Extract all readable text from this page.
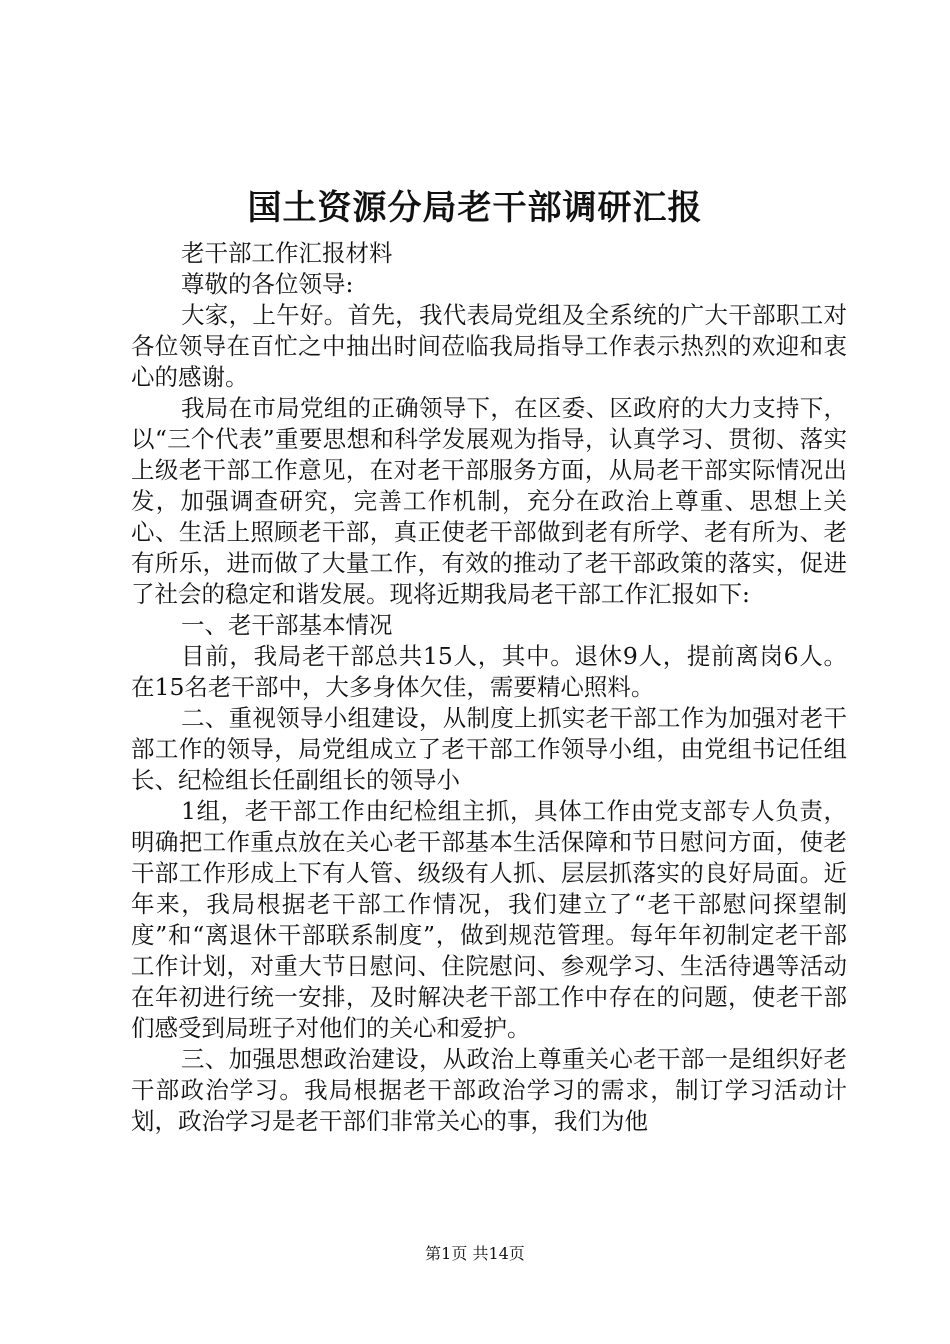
国土资源分局老干部调研汇报

老干部工作汇报材料

尊敬的各位领导:

大家，上午好。首先，我代表局党组及全系统的广大干部职工对各位领导在百忙之中抽出时间莅临我局指导工作表示热烈的欢迎和衷心的感谢。

我局在市局党组的正确领导下，在区委、区政府的大力支持下，以“三个代表”重要思想和科学发展观为指导，认真学习、贯彻、落实上级老干部工作意见，在对老干部服务方面，从局老干部实际情况出发，加强调查研究，完善工作机制，充分在政治上尊重、思想上关心、生活上照顾老干部，真正使老干部做到老有所学、老有所为、老有所乐，进而做了大量工作，有效的推动了老干部政策的落实，促进了社会的稳定和谐发展。现将近期我局老干部工作汇报如下:

一、老干部基本情况

目前，我局老干部总共15人，其中。退休9人，提前离岗6人。在15名老干部中，大多身体欠佳，需要精心照料。

二、重视领导小组建设，从制度上抓实老干部工作为加强对老干部工作的领导，局党组成立了老干部工作领导小组，由党组书记任组长、纪检组长任副组长的领导小

1组，老干部工作由纪检组主抓，具体工作由党支部专人负责，明确把工作重点放在关心老干部基本生活保障和节日慰问方面，使老干部工作形成上下有人管、级级有人抓、层层抓落实的良好局面。近年来，我局根据老干部工作情况，我们建立了“老干部慰问探望制度”和“离退休干部联系制度”，做到规范管理。每年年初制定老干部工作计划，对重大节日慰问、住院慰问、参观学习、生活待遇等活动在年初进行统一安排，及时解决老干部工作中存在的问题，使老干部们感受到局班子对他们的关心和爱护。

三、加强思想政治建设，从政治上尊重关心老干部一是组织好老干部政治学习。我局根据老干部政治学习的需求，制订学习活动计划，政治学习是老干部们非常关心的事，我们为他

第1页 共14页
